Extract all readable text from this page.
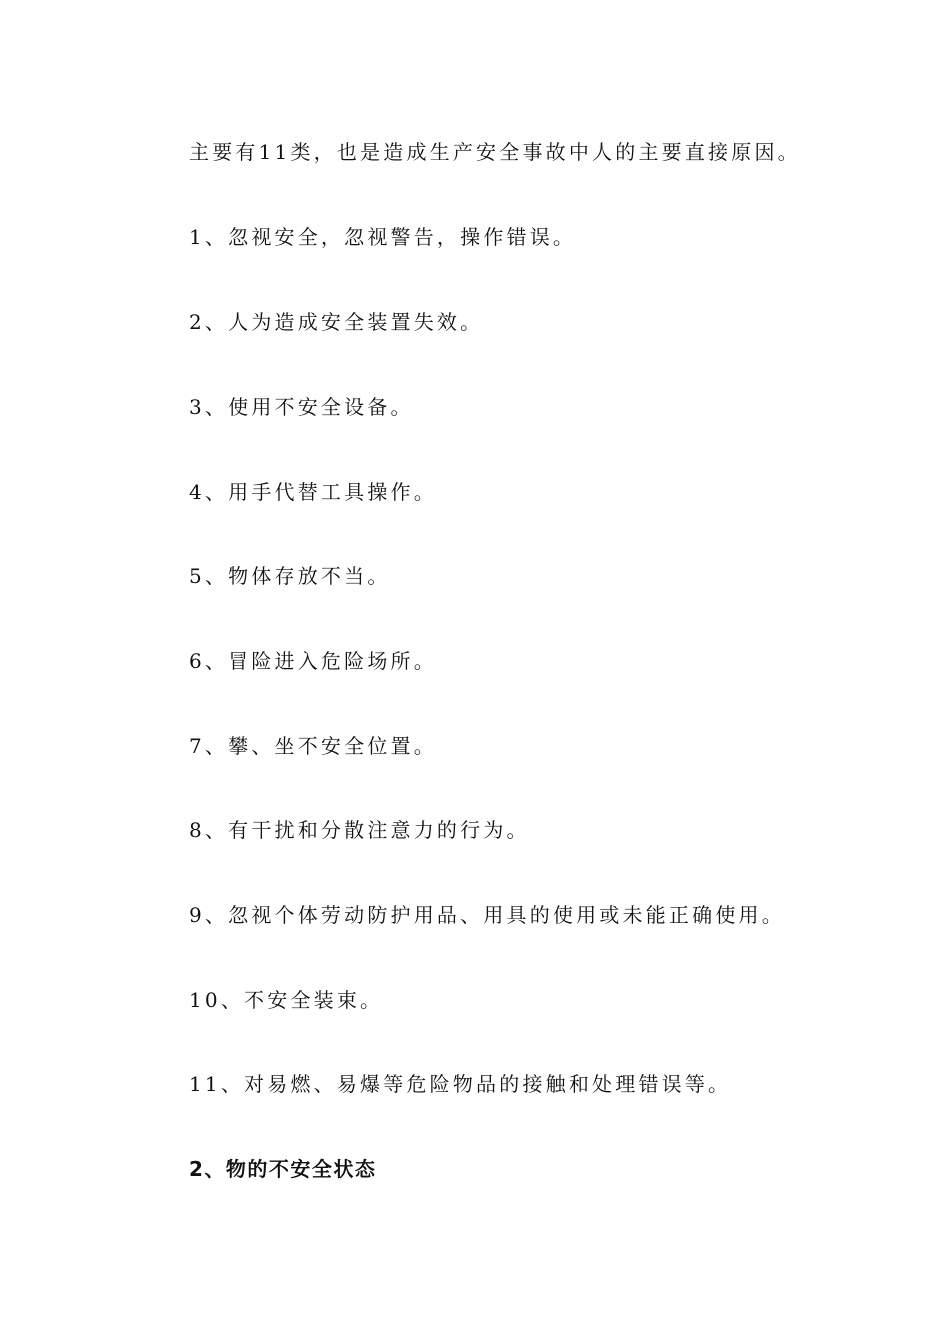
主要有11类，也是造成生产安全事故中人的主要直接原因。

1、忽视安全，忽视警告，操作错误。

2、人为造成安全装置失效。

3、使用不安全设备。

4、用手代替工具操作。

5、物体存放不当。

6、冒险进入危险场所。

7、攀、坐不安全位置。

8、有干扰和分散注意力的行为。

9、忽视个体劳动防护用品、用具的使用或未能正确使用。

10、不安全装束。

11、对易燃、易爆等危险物品的接触和处理错误等。

2、物的不安全状态
